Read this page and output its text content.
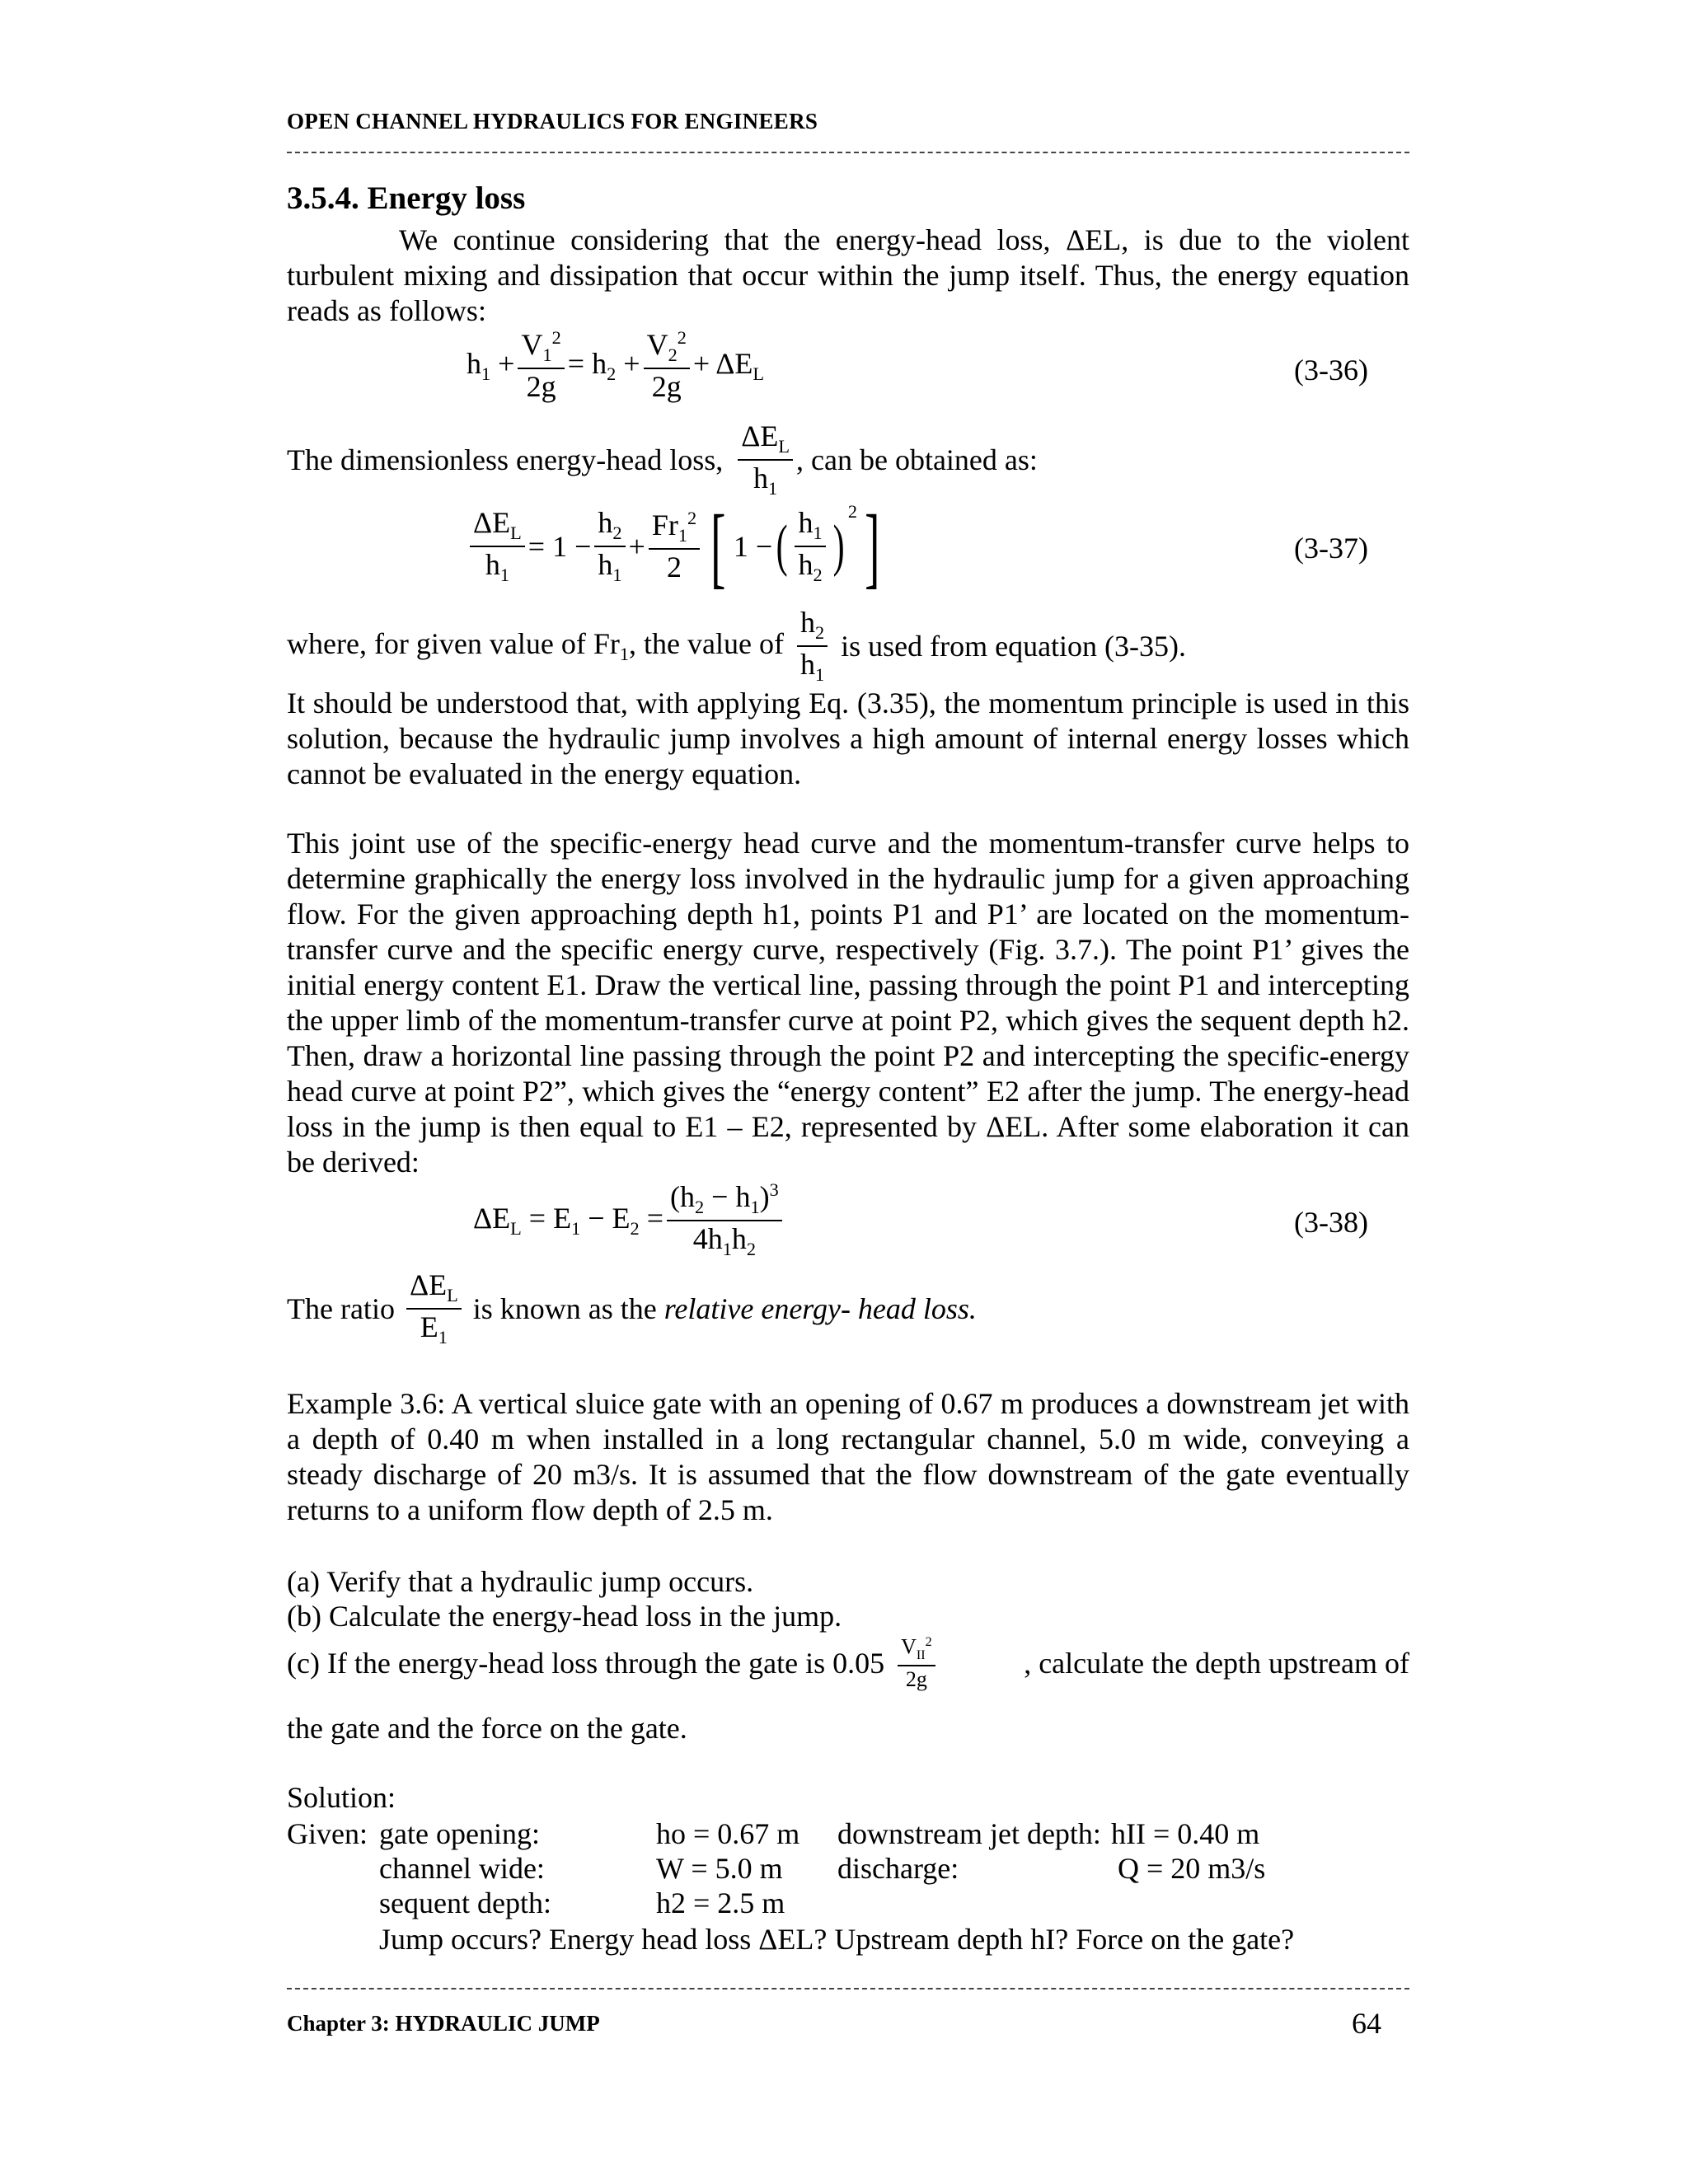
OPEN CHANNEL HYDRAULICS FOR ENGINEERS
3.5.4. Energy loss
We continue considering that the energy-head loss, ΔEL, is due to the violent turbulent mixing and dissipation that occur within the jump itself. Thus, the energy equation reads as follows:
$h_1 + \frac{V_1^2}{2g} = h_2 + \frac{V_2^2}{2g} + \Delta E_L$	(3-36)
The dimensionless energy-head loss, $\frac{\Delta E_L}{h_1}$ , can be obtained as:
$\frac{\Delta E_L}{h_1} = 1 - \frac{h_2}{h_1} + \frac{Fr_1^2}{2}$ [ 1 − ( $\frac{h_1}{h_2}$ )
$^2$ ]	(3-37)
where, for given value of $Fr_1$, the value of $\frac{h_2}{h_1}$ is used from equation (3-35).
It should be understood that, with applying Eq. (3.35), the momentum principle is used in this solution, because the hydraulic jump involves a high amount of internal energy losses which cannot be evaluated in the energy equation.
This joint use of the specific-energy head curve and the momentum-transfer curve helps to determine graphically the energy loss involved in the hydraulic jump for a given approaching flow. For the given approaching depth h1, points P1 and P1’ are located on the momentum-transfer curve and the specific energy curve, respectively (Fig. 3.7.). The point P1’ gives the initial energy content E1. Draw the vertical line, passing through the point P1 and intercepting the upper limb of the momentum-transfer curve at point P2, which gives the sequent depth h2. Then, draw a horizontal line passing through the point P2 and intercepting the specific-energy head curve at point P2”, which gives the “energy content” E2 after the jump. The energy-head loss in the jump is then equal to E1 – E2, represented by ΔEL. After some elaboration it can be derived:
$\Delta E_L = E_1 - E_2 = \frac{(h_2 - h_1)^3}{4h_1h_2}$	(3-38)
The ratio $\frac{\Delta E_L}{E_1}$ is known as the
relative energy- head loss.
Example 3.6: A vertical sluice gate with an opening of 0.67 m produces a downstream jet with a depth of 0.40 m when installed in a long rectangular channel, 5.0 m wide, conveying a steady discharge of 20 m3/s. It is assumed that the flow downstream of the gate eventually returns to a uniform flow depth of 2.5 m.
(a) Verify that a hydraulic jump occurs.
(b) Calculate the energy-head loss in the jump.
(c) If the energy-head loss through the gate is $0.05 \frac{V_{II}^2}{2g}$	, calculate the depth upstream of
the gate and the force on the gate.
Solution:
Given: gate opening:	ho = 0.67 m downstream jet depth: hII = 0.40 m
channel wide:	W = 5.0 m discharge:	Q = 20 m3/s
sequent depth:	h2 = 2.5 m
Jump occurs? Energy head loss ΔEL? Upstream depth hI? Force on the gate?
Chapter 3: HYDRAULIC JUMP	64
